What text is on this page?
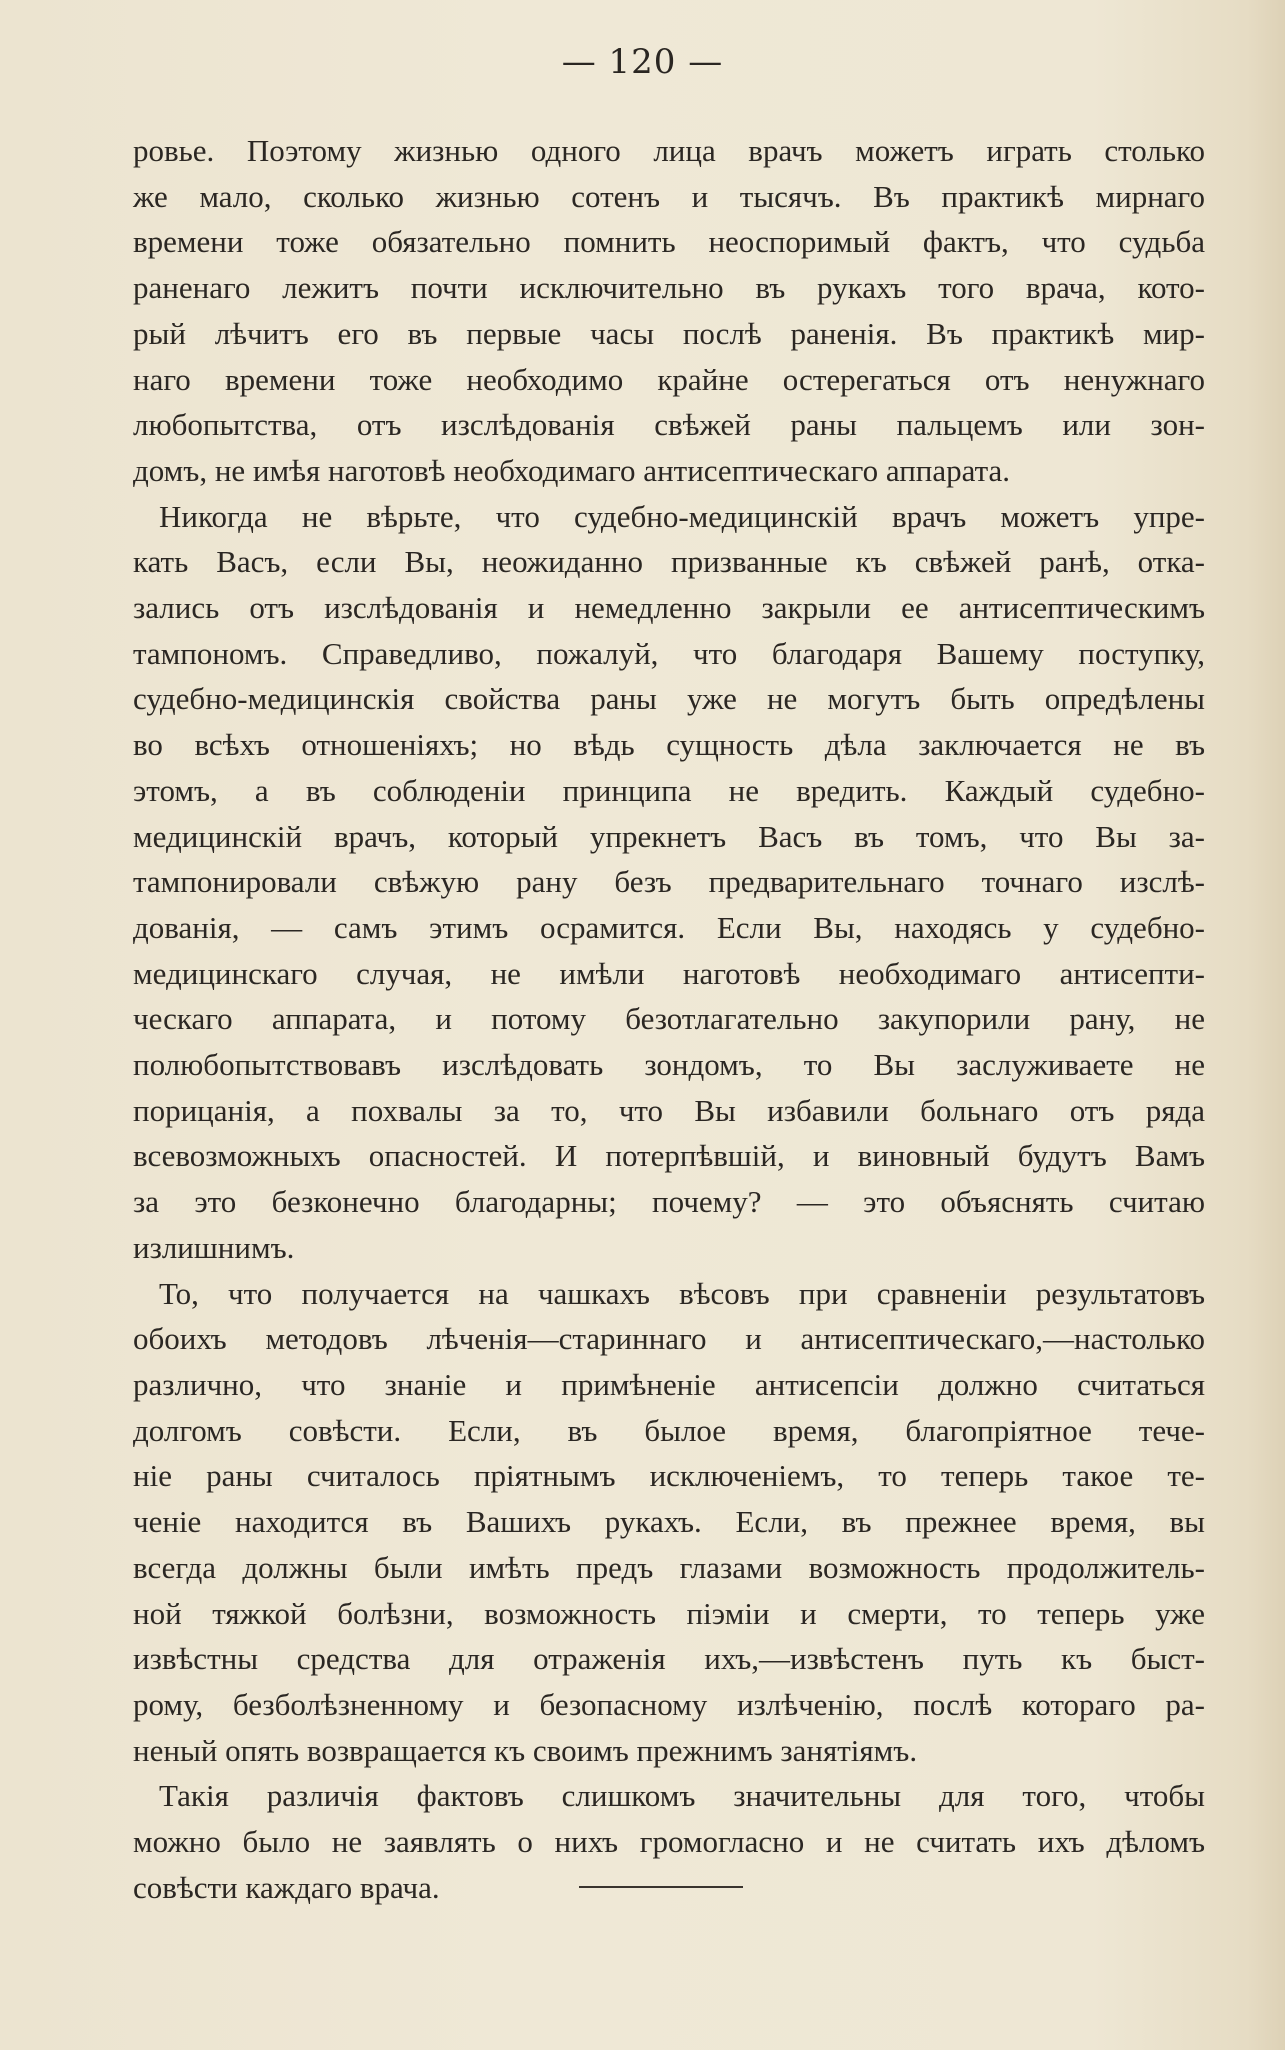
— 120 —

ровье. Поэтому жизнью одного лица врачъ можетъ играть столько
же мало, сколько жизнью сотенъ и тысячъ. Въ практикѣ мирнаго
времени тоже обязательно помнить неоспоримый фактъ, что судьба
раненаго лежитъ почти исключительно въ рукахъ того врача, кото-
рый лѣчитъ его въ первые часы послѣ раненія. Въ практикѣ мир-
наго времени тоже необходимо крайне остерегаться отъ ненужнаго
любопытства, отъ изслѣдованія свѣжей раны пальцемъ или зон-
домъ, не имѣя наготовѣ необходимаго антисептическаго аппарата.

Никогда не вѣрьте, что судебно-медицинскій врачъ можетъ упре-
кать Васъ, если Вы, неожиданно призванные къ свѣжей ранѣ, отка-
зались отъ изслѣдованія и немедленно закрыли ее антисептическимъ
тампономъ. Справедливо, пожалуй, что благодаря Вашему поступку,
судебно-медицинскія свойства раны уже не могутъ быть опредѣлены
во всѣхъ отношеніяхъ; но вѣдь сущность дѣла заключается не въ
этомъ, а въ соблюденіи принципа не вредить. Каждый судебно-
медицинскій врачъ, который упрекнетъ Васъ въ томъ, что Вы за-
тампонировали свѣжую рану безъ предварительнаго точнаго изслѣ-
дованія, — самъ этимъ осрамится. Если Вы, находясь у судебно-
медицинскаго случая, не имѣли наготовѣ необходимаго антисепти-
ческаго аппарата, и потому безотлагательно закупорили рану, не
полюбопытствовавъ изслѣдовать зондомъ, то Вы заслуживаете не
порицанія, а похвалы за то, что Вы избавили больнаго отъ ряда
всевозможныхъ опасностей. И потерпѣвшій, и виновный будутъ Вамъ
за это безконечно благодарны; почему? — это объяснять считаю
излишнимъ.

То, что получается на чашкахъ вѣсовъ при сравненіи результатовъ
обоихъ методовъ лѣченія—стариннаго и антисептическаго,—настолько
различно, что знаніе и примѣненіе антисепсіи должно считаться
долгомъ совѣсти. Если, въ былое время, благопріятное тече-
ніе раны считалось пріятнымъ исключеніемъ, то теперь такое те-
ченіе находится въ Вашихъ рукахъ. Если, въ прежнее время, вы
всегда должны были имѣть предъ глазами возможность продолжитель-
ной тяжкой болѣзни, возможность піэміи и смерти, то теперь уже
извѣстны средства для отраженія ихъ,—извѣстенъ путь къ быст-
рому, безболѣзненному и безопасному излѣченію, послѣ котораго ра-
неный опять возвращается къ своимъ прежнимъ занятіямъ.

Такія различія фактовъ слишкомъ значительны для того, чтобы
можно было не заявлять о нихъ громогласно и не считать ихъ дѣломъ
совѣсти каждаго врача.
